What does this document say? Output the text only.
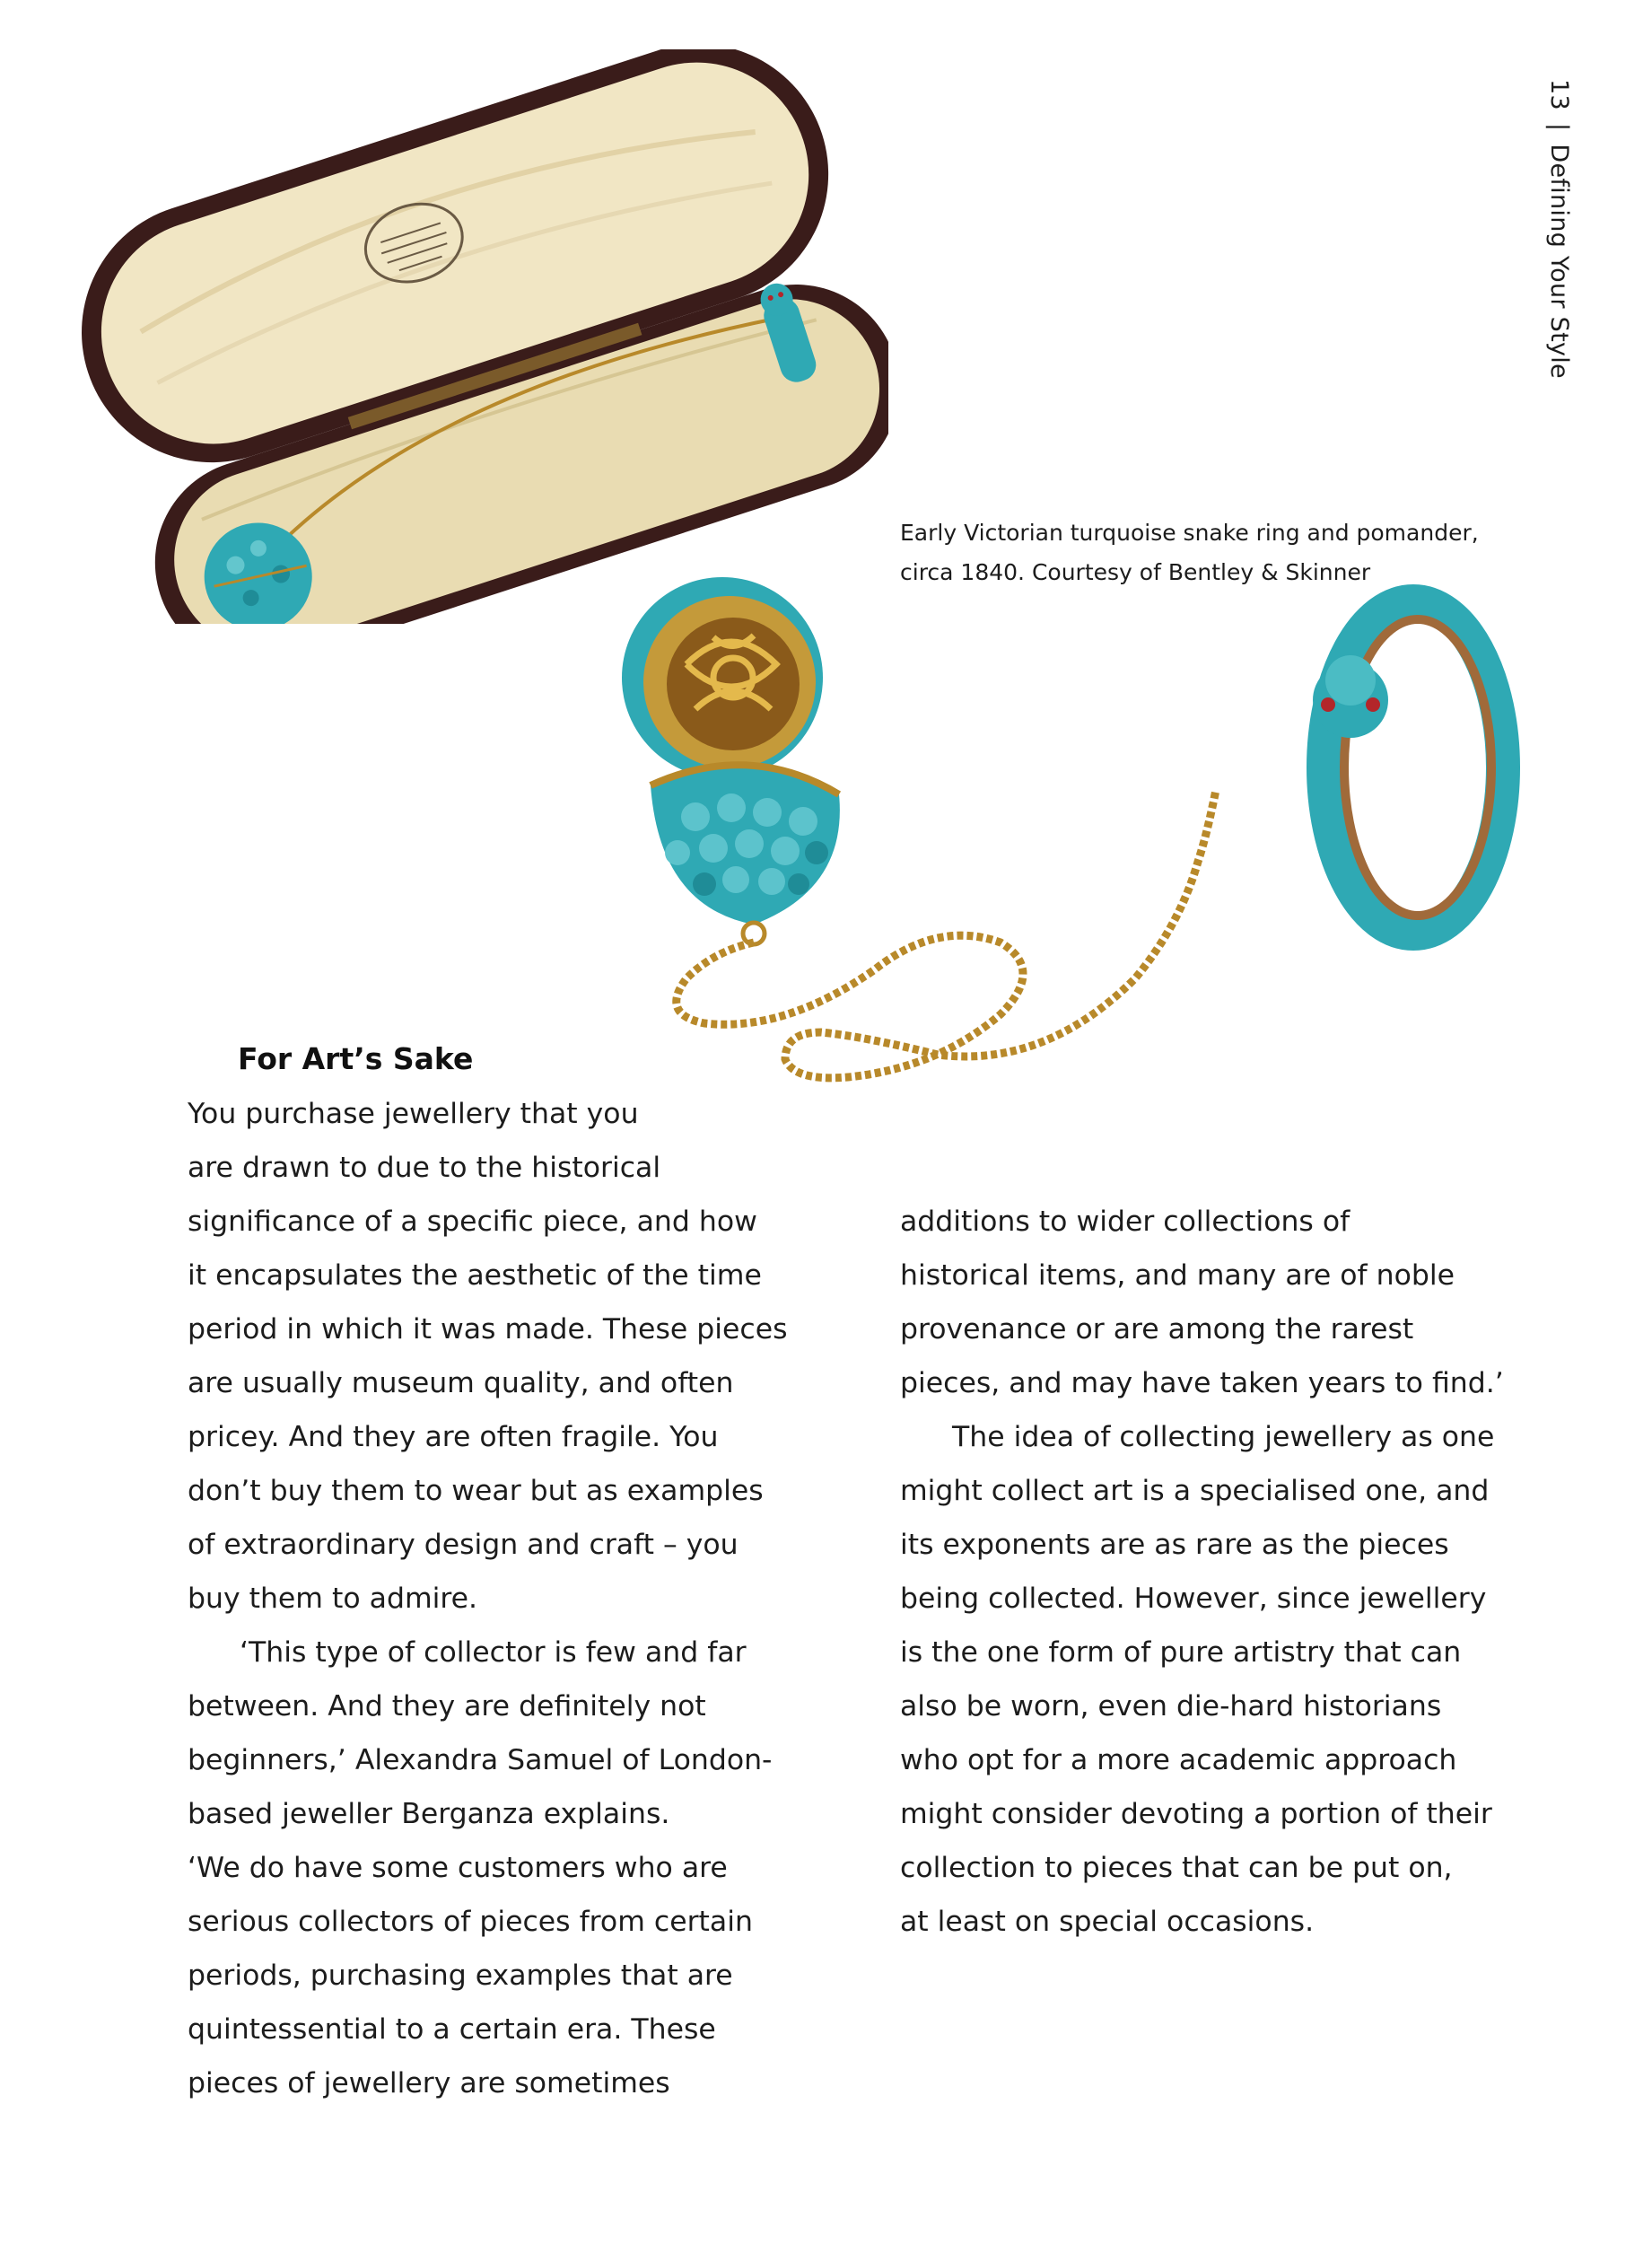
13|Defining Your Style
Early Victorian turquoise snake ring and pomander,
circa 1840. Courtesy of Bentley & Skinner
For Art’s Sake
You purchase jewellery that you
are drawn to due to the historical
significance of a specific piece, and how
it encapsulates the aesthetic of the time
period in which it was made. These pieces
are usually museum quality, and often
pricey. And they are often fragile. You
don’t buy them to wear but as examples
of extraordinary design and craft – you
buy them to admire.
‘This type of collector is few and far
between. And they are definitely not
beginners,’ Alexandra Samuel of London-
based jeweller Berganza explains.
‘We do have some customers who are
serious collectors of pieces from certain
periods, purchasing examples that are
quintessential to a certain era. These
pieces of jewellery are sometimes
additions to wider collections of
historical items, and many are of noble
provenance or are among the rarest
pieces, and may have taken years to find.’
The idea of collecting jewellery as one
might collect art is a specialised one, and
its exponents are as rare as the pieces
being collected. However, since jewellery
is the one form of pure artistry that can
also be worn, even die-hard historians
who opt for a more academic approach
might consider devoting a portion of their
collection to pieces that can be put on,
at least on special occasions.
